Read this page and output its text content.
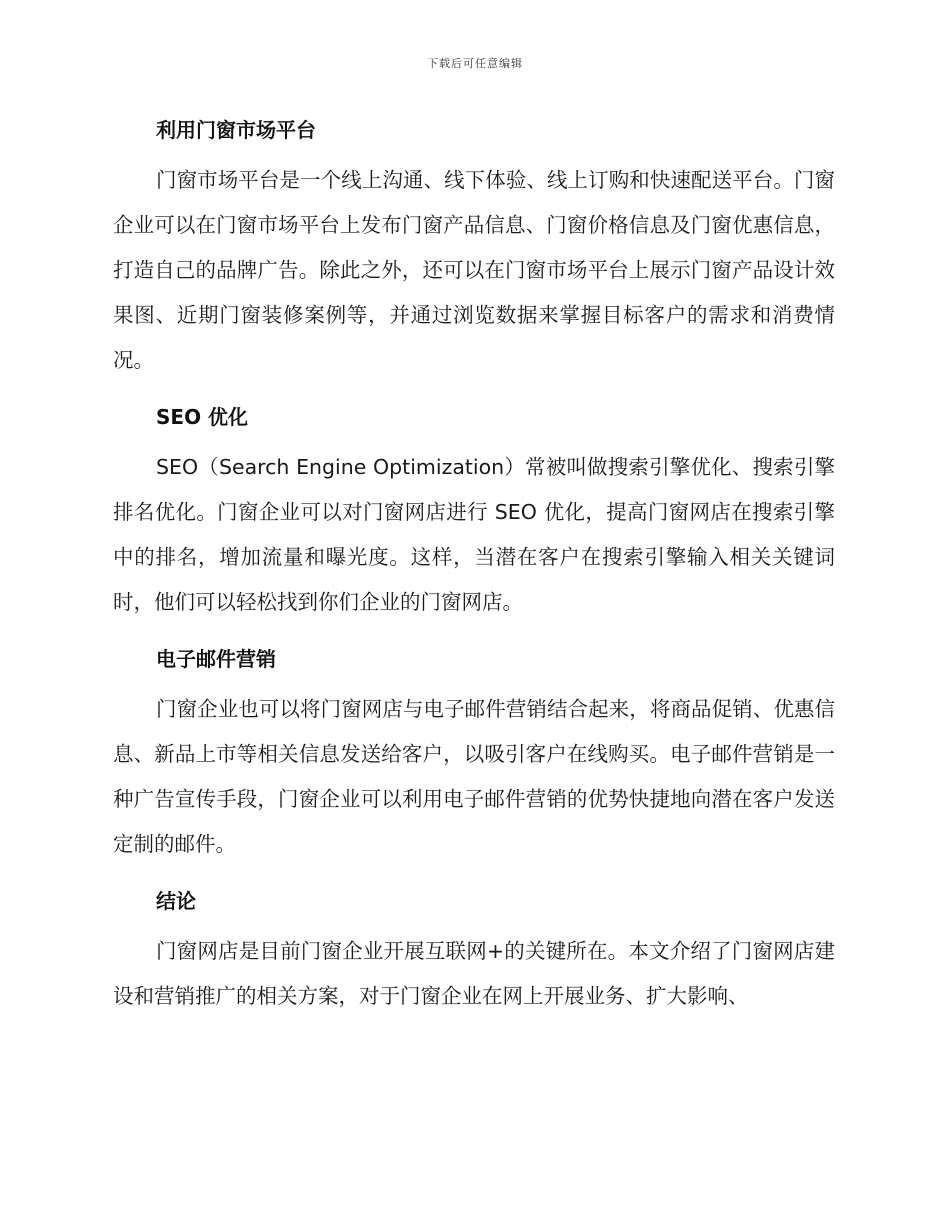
下载后可任意编辑
利用门窗市场平台

门窗市场平台是一个线上沟通、线下体验、线上订购和快速配送平台。门窗企业可以在门窗市场平台上发布门窗产品信息、门窗价格信息及门窗优惠信息，打造自己的品牌广告。除此之外，还可以在门窗市场平台上展示门窗产品设计效果图、近期门窗装修案例等，并通过浏览数据来掌握目标客户的需求和消费情况。

SEO 优化

SEO（Search Engine Optimization）常被叫做搜索引擎优化、搜索引擎排名优化。门窗企业可以对门窗网店进行 SEO 优化，提高门窗网店在搜索引擎中的排名，增加流量和曝光度。这样，当潜在客户在搜索引擎输入相关关键词时，他们可以轻松找到你们企业的门窗网店。

电子邮件营销

门窗企业也可以将门窗网店与电子邮件营销结合起来，将商品促销、优惠信息、新品上市等相关信息发送给客户，以吸引客户在线购买。电子邮件营销是一种广告宣传手段，门窗企业可以利用电子邮件营销的优势快捷地向潜在客户发送定制的邮件。

结论

门窗网店是目前门窗企业开展互联网+的关键所在。本文介绍了门窗网店建设和营销推广的相关方案，对于门窗企业在网上开展业务、扩大影响、
